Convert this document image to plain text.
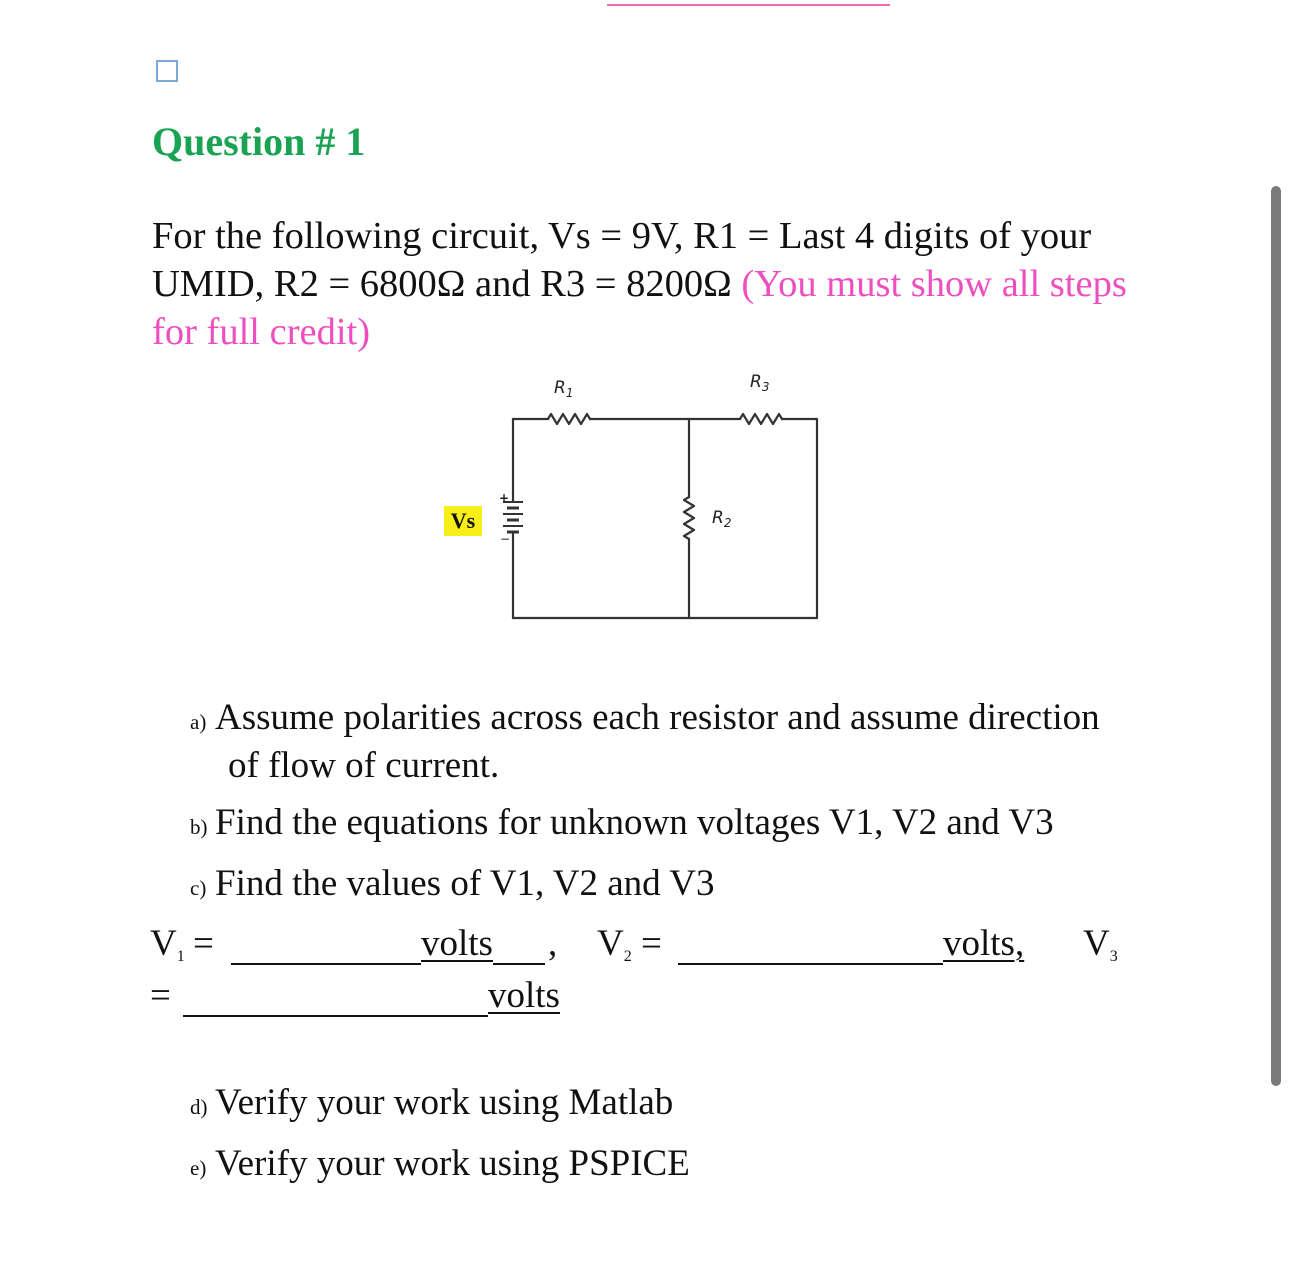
Question # 1

For the following circuit, Vs = 9V, R1 = Last 4 digits of your UMID, R2 = 6800Ω and R3 = 8200Ω (You must show all steps for full credit)

+
−
$R_1$
$R_3$
$R_2$
Vs
a) Assume polarities across each resistor and assume direction
of flow of current.
b) Find the equations for unknown voltages V1, V2 and V3
c) Find the values of V1, V2 and V3
$V_1$ =	volts , $V_2$ =	volts, $V_3$
=	volts
d) Verify your work using Matlab
e) Verify your work using PSPICE
